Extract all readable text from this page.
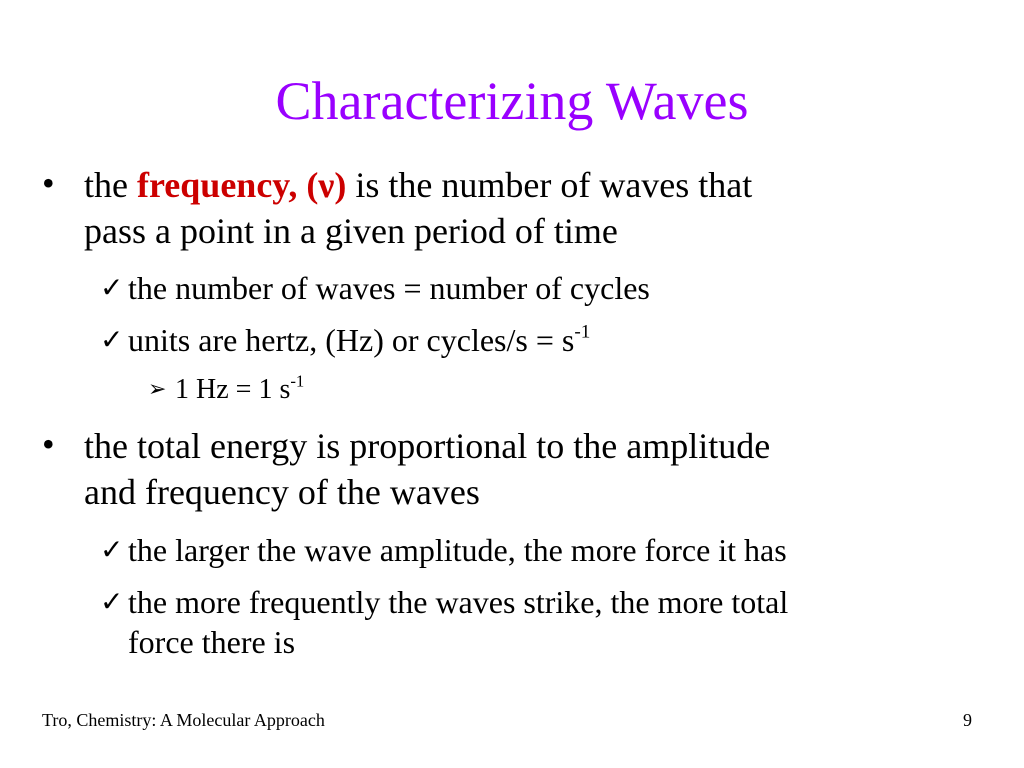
Characterizing Waves
• the frequency, (ν) is the number of waves that
pass a point in a given period of time
✓ the number of waves = number of cycles
✓ units are hertz, (Hz) or cycles/s = $s^{-1}$
➢ 1 Hz = 1 $s^{-1}$
• the total energy is proportional to the amplitude
and frequency of the waves
✓ the larger the wave amplitude, the more force it has
✓ the more frequently the waves strike, the more total
force there is
Tro, Chemistry: A Molecular Approach	9
